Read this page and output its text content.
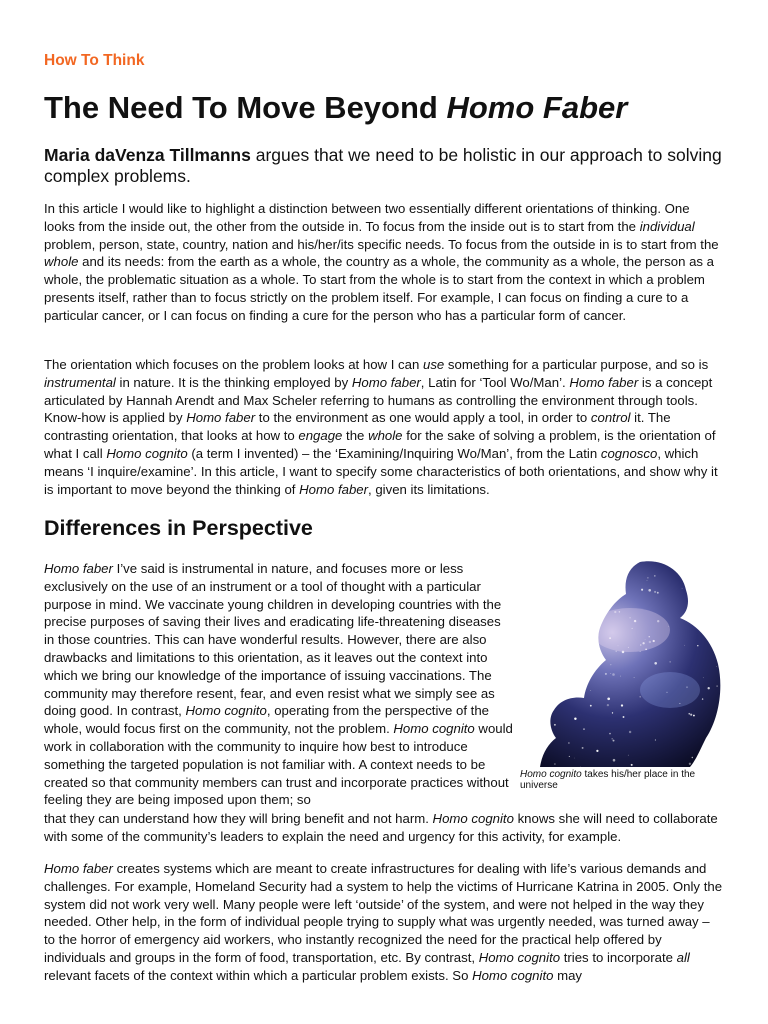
How To Think

The Need To Move Beyond Homo Faber

Maria daVenza Tillmanns argues that we need to be holistic in our approach to solving complex problems.

In this article I would like to highlight a distinction between two essentially different orientations of thinking. One looks from the inside out, the other from the outside in. To focus from the inside out is to start from the individual problem, person, state, country, nation and his/her/its specific needs. To focus from the outside in is to start from the whole and its needs: from the earth as a whole, the country as a whole, the community as a whole, the person as a whole, the problematic situation as a whole. To start from the whole is to start from the context in which a problem presents itself, rather than to focus strictly on the problem itself. For example, I can focus on finding a cure to a particular cancer, or I can focus on finding a cure for the person who has a particular form of cancer.

The orientation which focuses on the problem looks at how I can use something for a particular purpose, and so is instrumental in nature. It is the thinking employed by Homo faber, Latin for ‘Tool Wo/Man’. Homo faber is a concept articulated by Hannah Arendt and Max Scheler referring to humans as controlling the environment through tools. Know-how is applied by Homo faber to the environment as one would apply a tool, in order to control it. The contrasting orientation, that looks at how to engage the whole for the sake of solving a problem, is the orientation of what I call Homo cognito (a term I invented) – the ‘Examining/Inquiring Wo/Man’, from the Latin cognosco, which means ‘I inquire/examine’. In this article, I want to specify some characteristics of both orientations, and show why it is important to move beyond the thinking of Homo faber, given its limitations.

Differences in Perspective

Homo faber I’ve said is instrumental in nature, and focuses more or less exclusively on the use of an instrument or a tool of thought with a particular purpose in mind. We vaccinate young children in developing countries with the precise purposes of saving their lives and eradicating life-threatening diseases in those countries. This can have wonderful results. However, there are also drawbacks and limitations to this orientation, as it leaves out the context into which we bring our knowledge of the importance of issuing vaccinations. The community may therefore resent, fear, and even resist what we simply see as doing good. In contrast, Homo cognito, operating from the perspective of the whole, would focus first on the community, not the problem. Homo cognito would work in collaboration with the community to inquire how best to introduce something the targeted population is not familiar with. A context needs to be created so that community members can trust and incorporate practices without feeling they are being imposed upon them; so

that they can understand how they will bring benefit and not harm. Homo cognito knows she will need to collaborate with some of the community’s leaders to explain the need and urgency for this activity, for example.

Homo cognito takes his/her place in the universe

Homo faber creates systems which are meant to create infrastructures for dealing with life’s various demands and challenges. For example, Homeland Security had a system to help the victims of Hurricane Katrina in 2005. Only the system did not work very well. Many people were left ‘outside’ of the system, and were not helped in the way they needed. Other help, in the form of individual people trying to supply what was urgently needed, was turned away – to the horror of emergency aid workers, who instantly recognized the need for the practical help offered by individuals and groups in the form of food, transportation, etc. By contrast, Homo cognito tries to incorporate all relevant facets of the context within which a particular problem exists. So Homo cognito may
